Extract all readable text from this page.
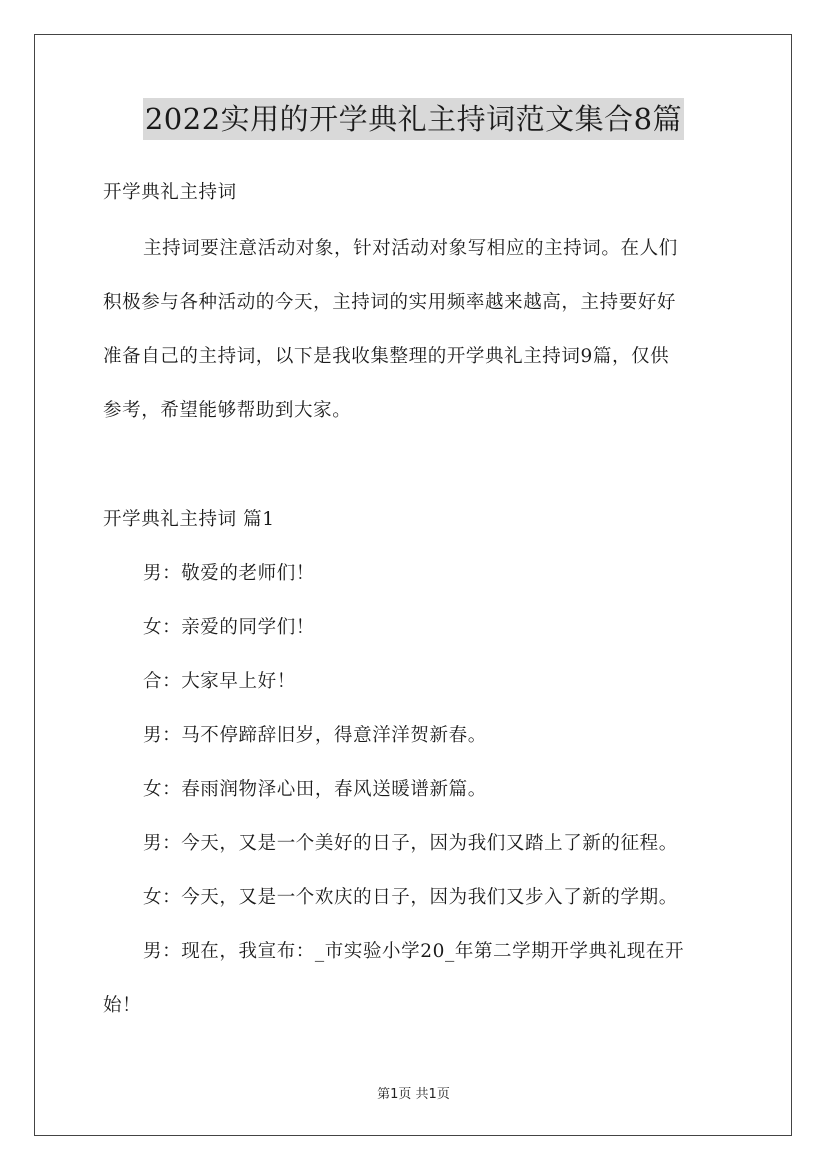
2022实用的开学典礼主持词范文集合8篇
开学典礼主持词
主持词要注意活动对象，针对活动对象写相应的主持词。在人们
积极参与各种活动的今天，主持词的实用频率越来越高，主持要好好
准备自己的主持词，以下是我收集整理的开学典礼主持词9篇，仅供
参考，希望能够帮助到大家。
开学典礼主持词 篇1
男：敬爱的老师们！
女：亲爱的同学们！
合：大家早上好！
男：马不停蹄辞旧岁，得意洋洋贺新春。
女：春雨润物泽心田，春风送暖谱新篇。
男：今天，又是一个美好的日子，因为我们又踏上了新的征程。
女：今天，又是一个欢庆的日子，因为我们又步入了新的学期。
男：现在，我宣布：_市实验小学20_年第二学期开学典礼现在开
始！
第1页 共1页
